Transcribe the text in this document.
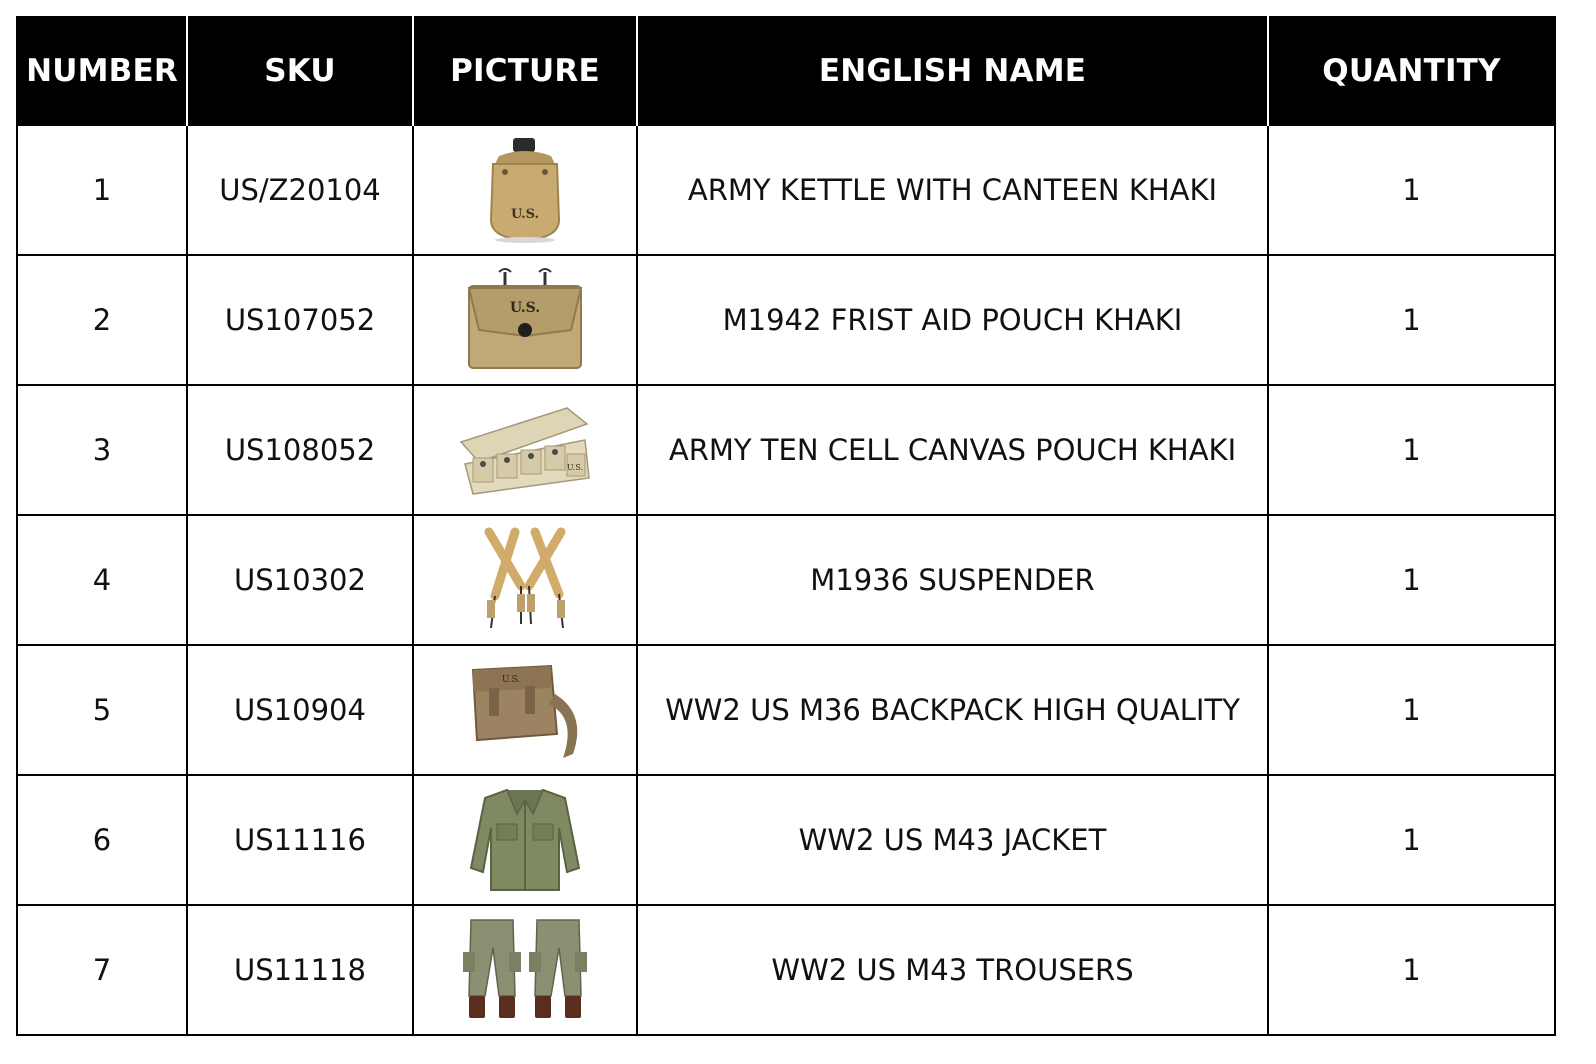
NUMBER	SKU	PICTURE	ENGLISH NAME	QUANTITY
1	US/Z20104	U.S.	ARMY KETTLE WITH CANTEEN KHAKI	1
2	US107052	U.S.	M1942 FRIST AID POUCH KHAKI	1
3	US108052	U.S.	ARMY TEN CELL CANVAS POUCH KHAKI	1
4	US10302		M1936 SUSPENDER	1
5	US10904	U.S.	WW2 US M36 BACKPACK HIGH QUALITY	1
6	US11116		WW2 US M43 JACKET	1
7	US11118		WW2 US M43 TROUSERS	1
